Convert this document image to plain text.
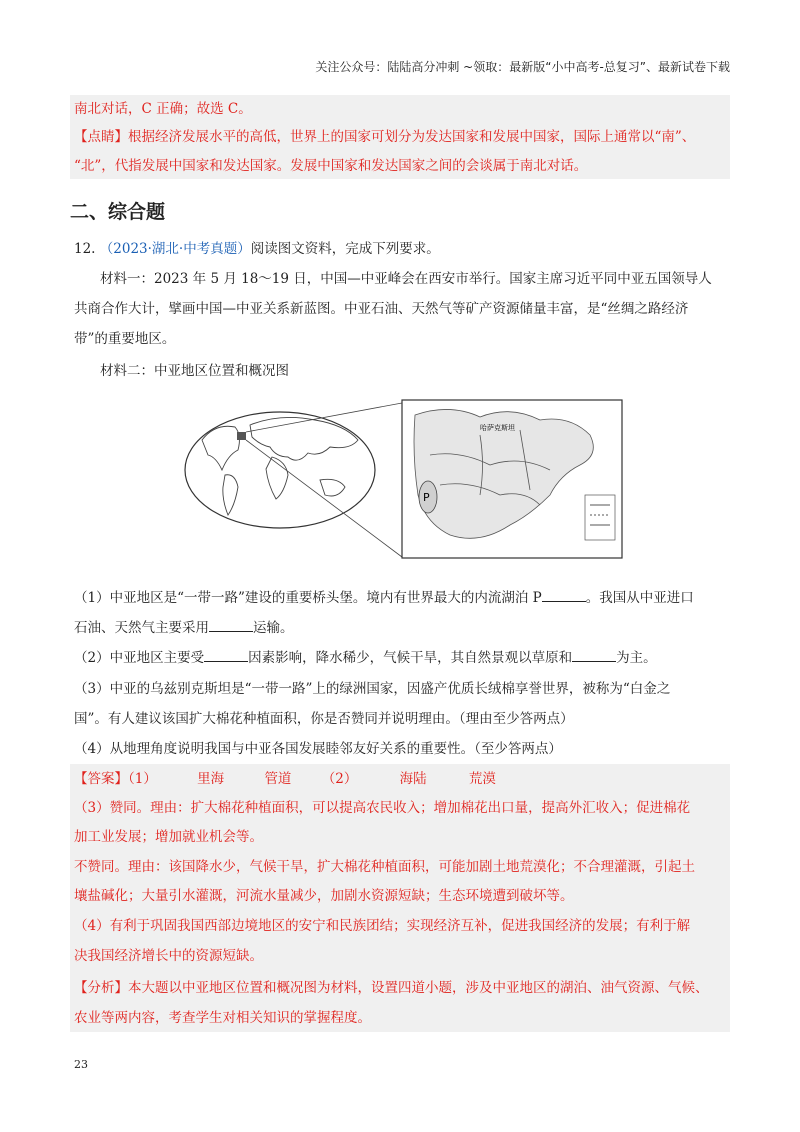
关注公众号：陆陆高分冲刺 ~领取：最新版“小中高考-总复习”、最新试卷下载
南北对话，C 正确；故选 C。
【点睛】根据经济发展水平的高低，世界上的国家可划分为发达国家和发展中国家，国际上通常以“南”、
“北”，代指发展中国家和发达国家。发展中国家和发达国家之间的会谈属于南北对话。
二、综合题
12. （2023·湖北·中考真题）阅读图文资料，完成下列要求。
材料一：2023 年 5 月 18～19 日，中国—中亚峰会在西安市举行。国家主席习近平同中亚五国领导人
共商合作大计，擘画中国—中亚关系新蓝图。中亚石油、天然气等矿产资源储量丰富，是“丝绸之路经济
带”的重要地区。
材料二：中亚地区位置和概况图
P
哈萨克斯坦
（1）中亚地区是“一带一路”建设的重要桥头堡。境内有世界最大的内流湖泊 P	。我国从中亚进口
石油、天然气主要采用	运输。
（2）中亚地区主要受	因素影响，降水稀少，气候干旱，其自然景观以草原和	为主。
（3）中亚的乌兹别克斯坦是“一带一路”上的绿洲国家，因盛产优质长绒棉享誉世界，被称为“白金之
国”。有人建议该国扩大棉花种植面积，你是否赞同并说明理由。（理由至少答两点）
（4）从地理角度说明我国与中亚各国发展睦邻友好关系的重要性。（至少答两点）
【答案】（1）	里海	管道 （2）	海陆	荒漠
（3）赞同。理由：扩大棉花种植面积，可以提高农民收入；增加棉花出口量，提高外汇收入；促进棉花
加工业发展；增加就业机会等。
不赞同。理由：该国降水少，气候干旱，扩大棉花种植面积，可能加剧土地荒漠化；不合理灌溉，引起土
壤盐碱化；大量引水灌溉，河流水量减少，加剧水资源短缺；生态环境遭到破坏等。
（4）有利于巩固我国西部边境地区的安宁和民族团结；实现经济互补，促进我国经济的发展；有利于解
决我国经济增长中的资源短缺。
【分析】本大题以中亚地区位置和概况图为材料，设置四道小题，涉及中亚地区的湖泊、油气资源、气候、
农业等两内容，考查学生对相关知识的掌握程度。
23
